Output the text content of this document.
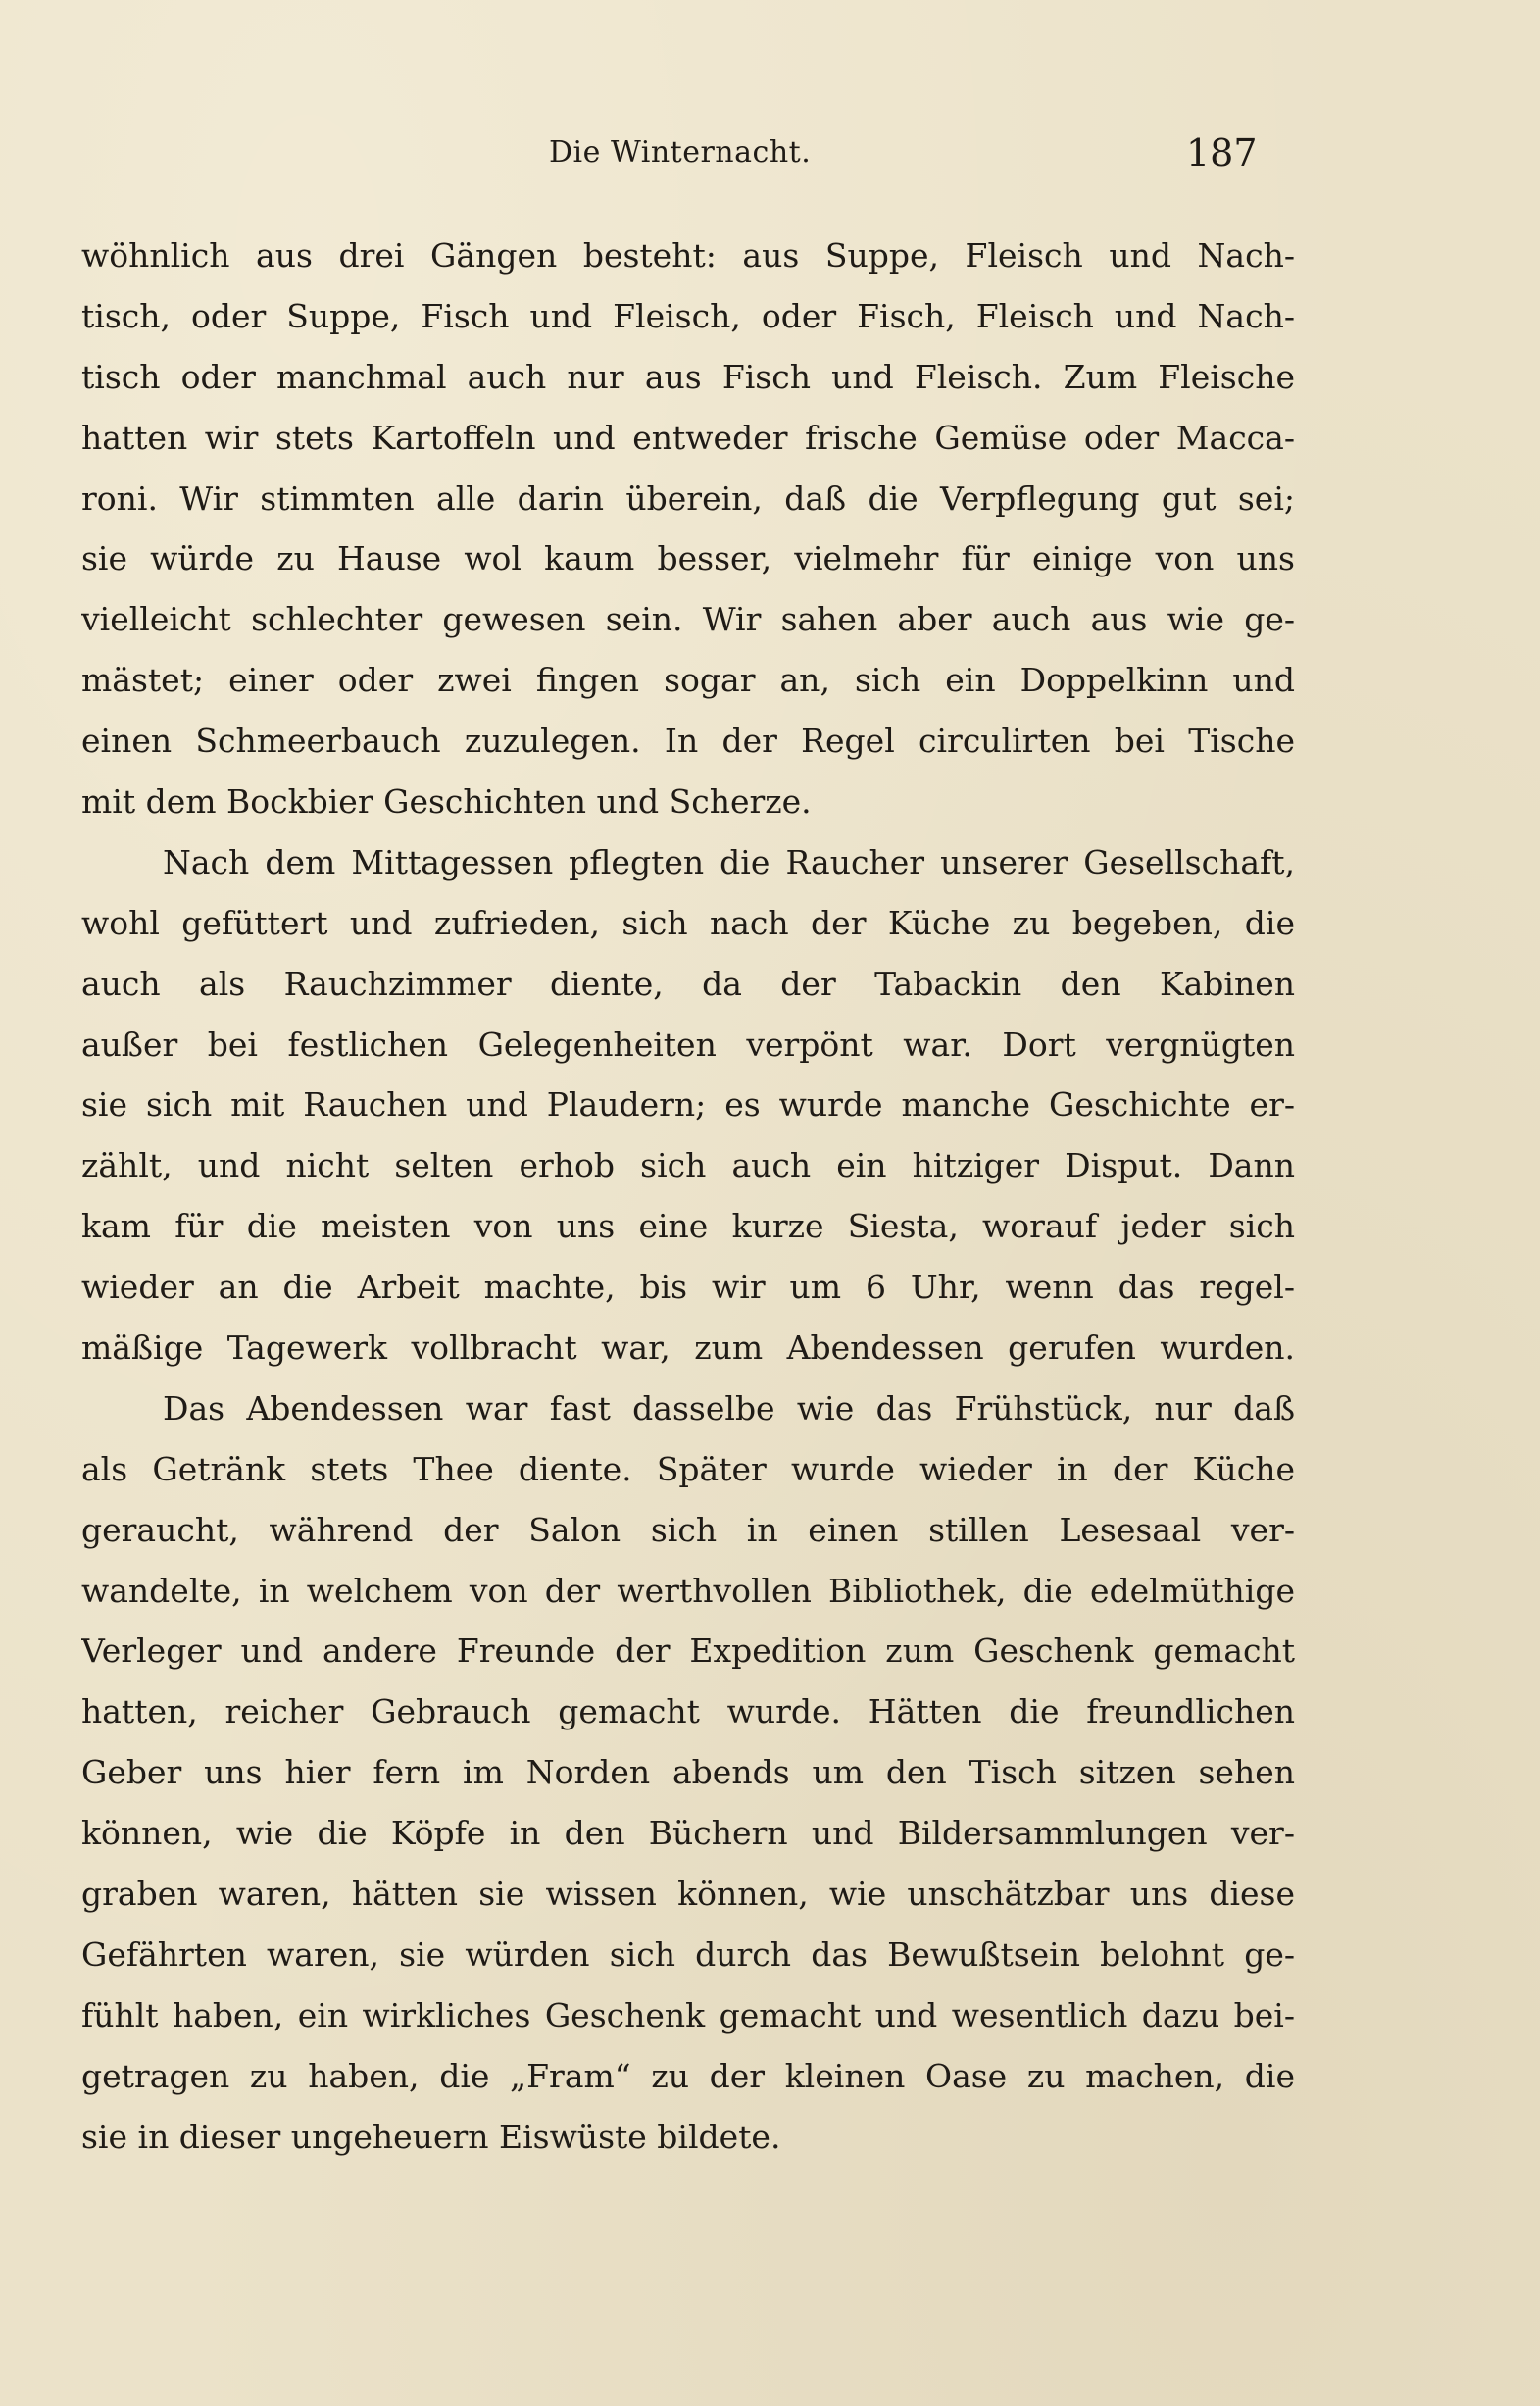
Die Winternacht.	187
wöhnlich aus drei Gängen besteht: aus Suppe, Fleisch und Nach-
tisch, oder Suppe, Fisch und Fleisch, oder Fisch, Fleisch und Nach-
tisch oder manchmal auch nur aus Fisch und Fleisch. Zum Fleische
hatten wir stets Kartoffeln und entweder frische Gemüse oder Macca-
roni. Wir stimmten alle darin überein, daß die Verpflegung gut sei;
sie würde zu Hause wol kaum besser, vielmehr für einige von uns
vielleicht schlechter gewesen sein. Wir sahen aber auch aus wie ge-
mästet; einer oder zwei fingen sogar an, sich ein Doppelkinn und
einen Schmeerbauch zuzulegen. In der Regel circulirten bei Tische
mit dem Bockbier Geschichten und Scherze.
Nach dem Mittagessen pflegten die Raucher unserer Gesellschaft,
wohl gefüttert und zufrieden, sich nach der Küche zu begeben, die
auch als Rauchzimmer diente, da der Tabackin den Kabinen
außer bei festlichen Gelegenheiten verpönt war. Dort vergnügten
sie sich mit Rauchen und Plaudern; es wurde manche Geschichte er-
zählt, und nicht selten erhob sich auch ein hitziger Disput. Dann
kam für die meisten von uns eine kurze Siesta, worauf jeder sich
wieder an die Arbeit machte, bis wir um 6 Uhr, wenn das regel-
mäßige Tagewerk vollbracht war, zum Abendessen gerufen wurden.
Das Abendessen war fast dasselbe wie das Frühstück, nur daß
als Getränk stets Thee diente. Später wurde wieder in der Küche
geraucht, während der Salon sich in einen stillen Lesesaal ver-
wandelte, in welchem von der werthvollen Bibliothek, die edelmüthige
Verleger und andere Freunde der Expedition zum Geschenk gemacht
hatten, reicher Gebrauch gemacht wurde. Hätten die freundlichen
Geber uns hier fern im Norden abends um den Tisch sitzen sehen
können, wie die Köpfe in den Büchern und Bildersammlungen ver-
graben waren, hätten sie wissen können, wie unschätzbar uns diese
Gefährten waren, sie würden sich durch das Bewußtsein belohnt ge-
fühlt haben, ein wirkliches Geschenk gemacht und wesentlich dazu bei-
getragen zu haben, die „Fram“ zu der kleinen Oase zu machen, die
sie in dieser ungeheuern Eiswüste bildete.
